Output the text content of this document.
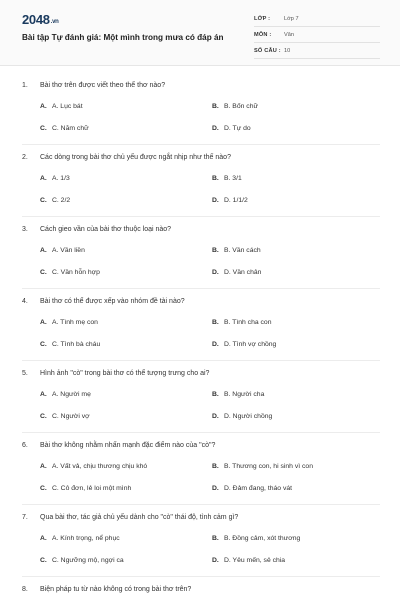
2048.vn
Bài tập Tự đánh giá: Một mình trong mưa có đáp án
LỚP : Lớp 7
MÔN : Văn
SỐ CÂU : 10
1.	Bài thơ trên được viết theo thể thơ nào?
A. A. Lục bát	B. B. Bốn chữ
C. C. Năm chữ	D. D. Tự do
2.	Các dòng trong bài thơ chủ yếu được ngắt nhịp như thế nào?
A. A. 1/3	B. B. 3/1
C. C. 2/2	D. D. 1/1/2
3.	Cách gieo vần của bài thơ thuộc loại nào?
A. A. Vần liền	B. B. Vần cách
C. C. Vần hỗn hợp	D. D. Vần chân
4.	Bài thơ có thể được xếp vào nhóm đề tài nào?
A. A. Tình mẹ con	B. B. Tình cha con
C. C. Tình bà cháu	D. D. Tình vợ chồng
5.	Hình ảnh "cò" trong bài thơ có thể tượng trưng cho ai?
A. A. Người mẹ	B. B. Người cha
C. C. Người vợ	D. D. Người chồng
6.	Bài thơ không nhằm nhấn mạnh đặc điểm nào của "cò"?
A. A. Vất vả, chịu thương chịu khó	B. B. Thương con, hi sinh vì con
C. C. Cô đơn, lẻ loi một mình	D. D. Đảm đang, tháo vát
7.	Qua bài thơ, tác giả chủ yếu dành cho "cò" thái độ, tình cảm gì?
A. A. Kính trọng, nể phục	B. B. Đồng cảm, xót thương
C. C. Ngưỡng mộ, ngợi ca	D. D. Yêu mến, sẻ chia
8.	Biện pháp tu từ nào không có trong bài thơ trên?
